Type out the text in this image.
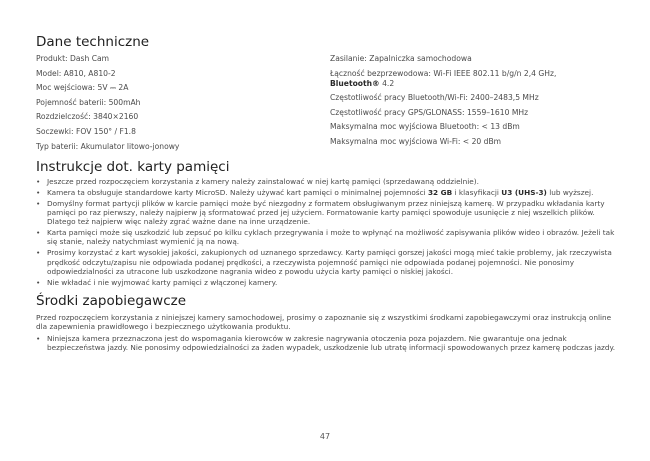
Dane techniczne
Produkt: Dash Cam
Model: A810, A810-2
Moc wejściowa: 5V ⎓ 2A
Pojemność baterii: 500mAh
Rozdzielczość: 3840×2160
Soczewki: FOV 150° / F1.8
Typ baterii: Akumulator litowo-jonowy
Zasilanie: Zapalniczka samochodowa
Łączność bezprzewodowa: Wi-Fi IEEE 802.11 b/g/n 2,4 GHz,
Bluetooth® 4.2
Częstotliwość pracy Bluetooth/Wi-Fi: 2400–2483,5 MHz
Częstotliwość pracy GPS/GLONASS: 1559–1610 MHz
Maksymalna moc wyjściowa Bluetooth: < 13 dBm
Maksymalna moc wyjściowa Wi-Fi: < 20 dBm
Instrukcje dot. karty pamięci
• Jeszcze przed rozpoczęciem korzystania z kamery należy zainstalować w niej kartę pamięci (sprzedawaną oddzielnie).
• Kamera ta obsługuje standardowe karty MicroSD. Należy używać kart pamięci o minimalnej pojemności 32 GB i klasyfikacji U3 (UHS-3) lub wyższej.
• Domyślny format partycji plików w karcie pamięci może być niezgodny z formatem obsługiwanym przez niniejszą kamerę. W przypadku wkładania karty pamięci po raz pierwszy, należy najpierw ją sformatować przed jej użyciem. Formatowanie karty pamięci spowoduje usunięcie z niej wszelkich plików. Dlatego też najpierw więc należy zgrać ważne dane na inne urządzenie.
• Karta pamięci może się uszkodzić lub zepsuć po kilku cyklach przegrywania i może to wpłynąć na możliwość zapisywania plików wideo i obrazów. Jeżeli tak się stanie, należy natychmiast wymienić ją na nową.
• Prosimy korzystać z kart wysokiej jakości, zakupionych od uznanego sprzedawcy. Karty pamięci gorszej jakości mogą mieć takie problemy, jak rzeczywista prędkość odczytu/zapisu nie odpowiada podanej prędkości, a rzeczywista pojemność pamięci nie odpowiada podanej pojemności. Nie ponosimy odpowiedzialności za utracone lub uszkodzone nagrania wideo z powodu użycia karty pamięci o niskiej jakości.
• Nie wkładać i nie wyjmować karty pamięci z włączonej kamery.
Środki zapobiegawcze

Przed rozpoczęciem korzystania z niniejszej kamery samochodowej, prosimy o zapoznanie się z wszystkimi środkami zapobiegawczymi oraz instrukcją online dla zapewnienia prawidłowego i bezpiecznego użytkowania produktu.

• Niniejsza kamera przeznaczona jest do wspomagania kierowców w zakresie nagrywania otoczenia poza pojazdem. Nie gwarantuje ona jednak bezpieczeństwa jazdy. Nie ponosimy odpowiedzialności za żaden wypadek, uszkodzenie lub utratę informacji spowodowanych przez kamerę podczas jazdy.
47
